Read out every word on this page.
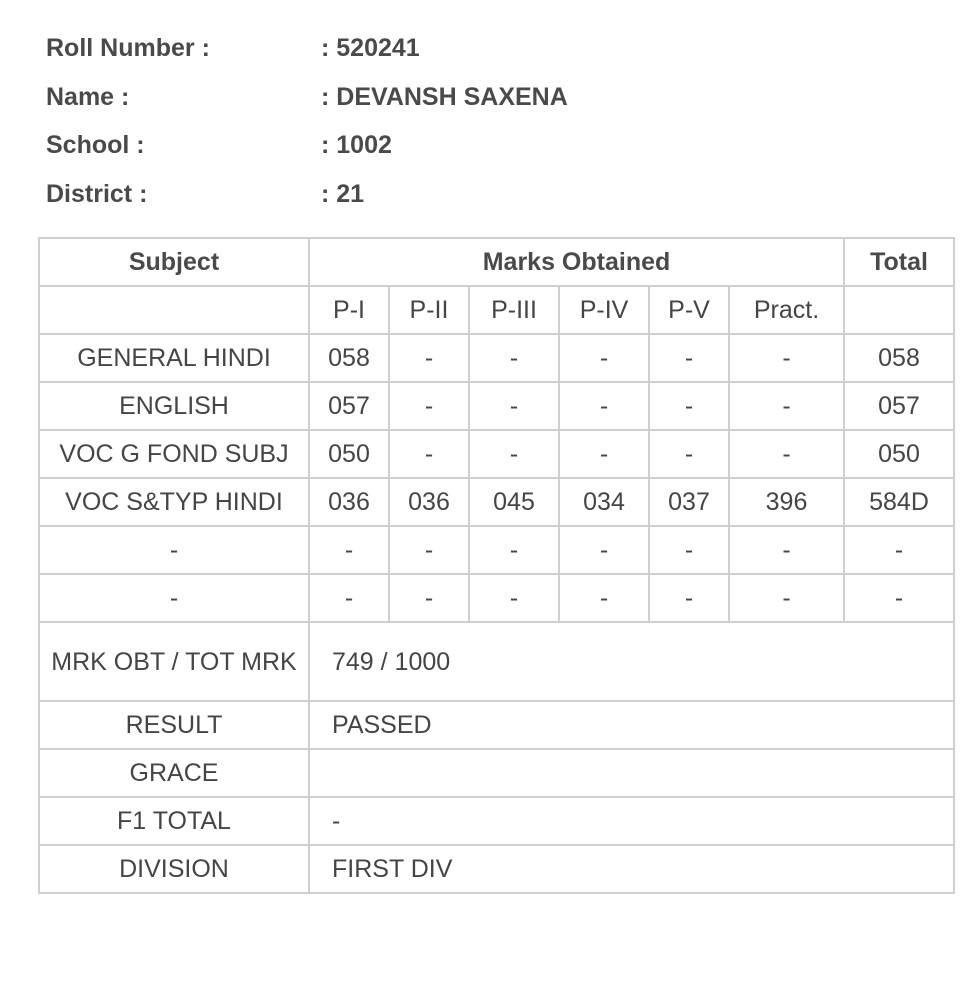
Roll Number :	: 520241
Name :	: DEVANSH SAXENA
School :	: 1002
District :	: 21
Subject	Marks Obtained						Total
	P-I	P-II	P-III	P-IV	P-V	Pract.	
GENERAL HINDI	058	-	-	-	-	-	058
ENGLISH	057	-	-	-	-	-	057
VOC G FOND SUBJ	050	-	-	-	-	-	050
VOC S&TYP HINDI	036	036	045	034	037	396	584D
-	-	-	-	-	-	-	-
-	-	-	-	-	-	-	-
MRK OBT / TOT MRK	749 / 1000						
RESULT	PASSED						
GRACE							
F1 TOTAL	-						
DIVISION	FIRST DIV						
